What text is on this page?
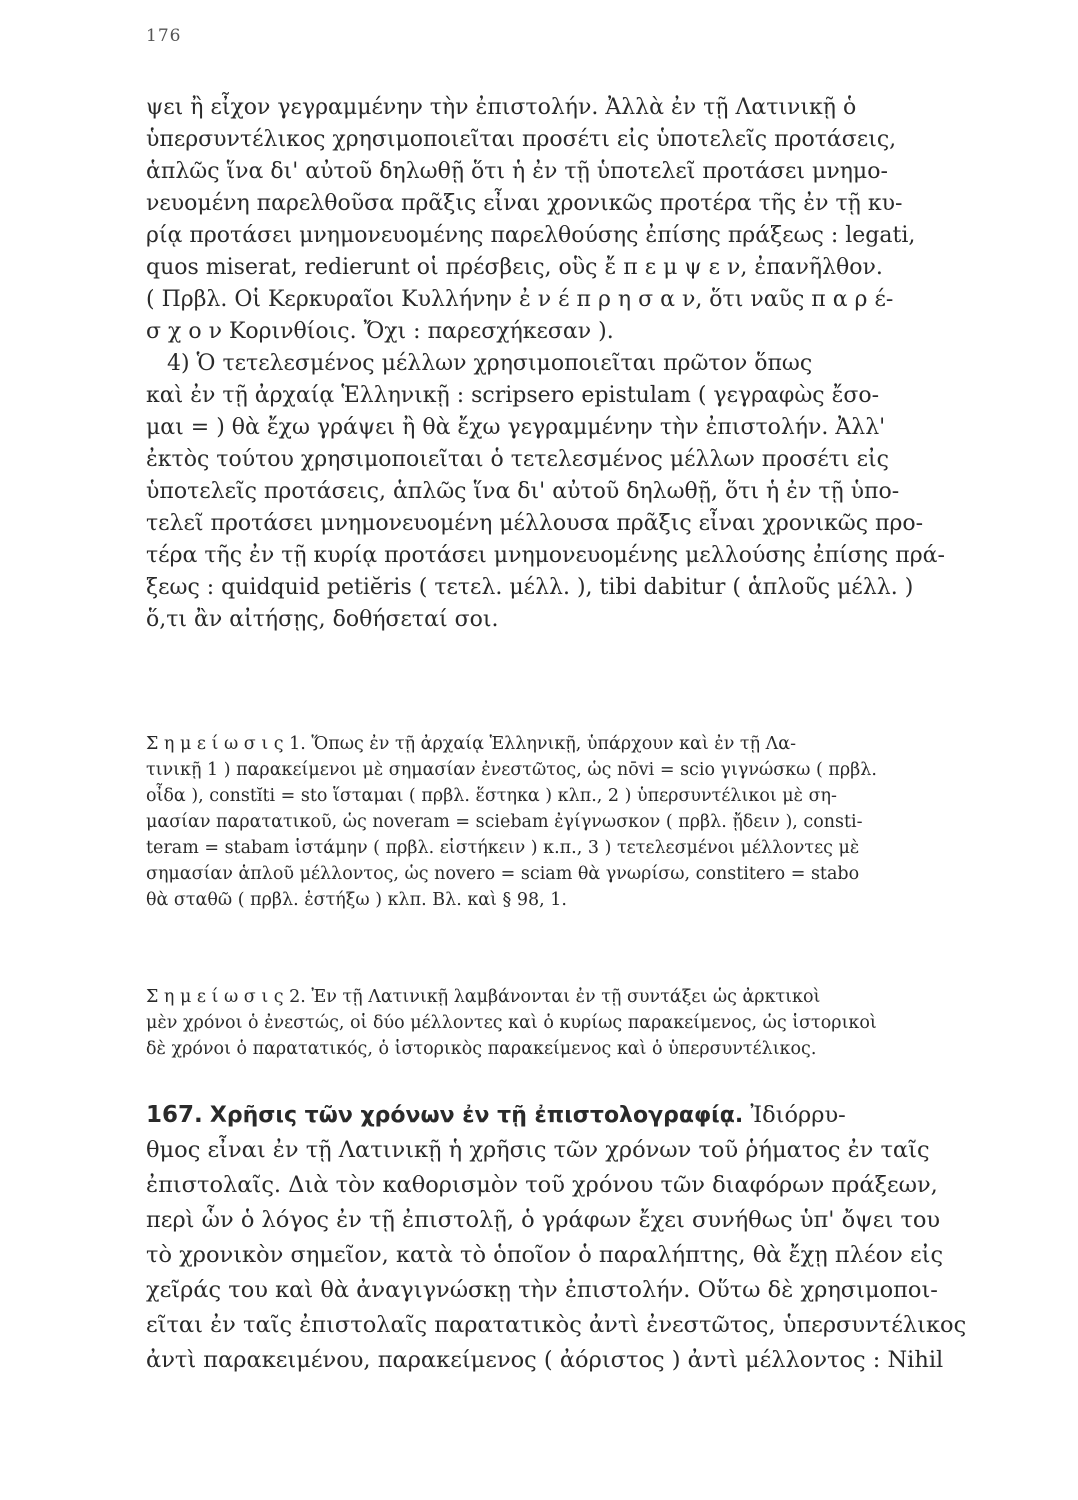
176
ψει ἢ εἶχον γεγραμμένην τὴν ἐπιστολήν. Ἀλλὰ ἐν τῇ Λατινικῇ ὁ
ὑπερσυντέλικος χρησιμοποιεῖται προσέτι εἰς ὑποτελεῖς προτάσεις,
ἁπλῶς ἵνα δι' αὐτοῦ δηλωθῇ ὅτι ἡ ἐν τῇ ὑποτελεῖ προτάσει μνημο-
νευομένη παρελθοῦσα πρᾶξις εἶναι χρονικῶς προτέρα τῆς ἐν τῇ κυ-
ρίᾳ προτάσει μνημονευομένης παρελθούσης ἐπίσης πράξεως : legati,
quos miserat, redierunt οἱ πρέσβεις, οὓς ἔ π ε μ ψ ε ν, ἐπανῆλθον.
( Πρβλ. Οἱ Κερκυραῖοι Κυλλήνην ἐ ν έ π ρ η σ α ν, ὅτι ναῦς π α ρ έ-
σ χ ο ν Κορινθίοις. Ὄχι : παρεσχήκεσαν ).
4) Ὁ τετελεσμένος μέλλων χρησιμοποιεῖται πρῶτον ὅπως
καὶ ἐν τῇ ἀρχαίᾳ Ἑλληνικῇ : scripsero epistulam ( γεγραφὼς ἔσο-
μαι = ) θὰ ἔχω γράψει ἢ θὰ ἔχω γεγραμμένην τὴν ἐπιστολήν. Ἀλλ'
ἐκτὸς τούτου χρησιμοποιεῖται ὁ τετελεσμένος μέλλων προσέτι εἰς
ὑποτελεῖς προτάσεις, ἁπλῶς ἵνα δι' αὐτοῦ δηλωθῇ, ὅτι ἡ ἐν τῇ ὑπο-
τελεῖ προτάσει μνημονευομένη μέλλουσα πρᾶξις εἶναι χρονικῶς προ-
τέρα τῆς ἐν τῇ κυρίᾳ προτάσει μνημονευομένης μελλούσης ἐπίσης πρά-
ξεως : quidquid petiĕris ( τετελ. μέλλ. ), tibi dabitur ( ἁπλοῦς μέλλ. )
ὅ,τι ἂν αἰτήσῃς, δοθήσεταί σοι.
Σ η μ ε ί ω σ ι ς 1. Ὅπως ἐν τῇ ἀρχαίᾳ Ἑλληνικῇ, ὑπάρχουν καὶ ἐν τῇ Λα-
τινικῇ 1 ) παρακείμενοι μὲ σημασίαν ἐνεστῶτος, ὡς nōvi = scio γιγνώσκω ( πρβλ.
οἶδα ), constĭti = sto ἵσταμαι ( πρβλ. ἕστηκα ) κλπ., 2 ) ὑπερσυντέλικοι μὲ ση-
μασίαν παρατατικοῦ, ὡς noveram = sciebam ἐγίγνωσκον ( πρβλ. ᾔδειν ), consti-
teram = stabam ἱστάμην ( πρβλ. εἱστήκειν ) κ.π., 3 ) τετελεσμένοι μέλλοντες μὲ
σημασίαν ἁπλοῦ μέλλοντος, ὡς novero = sciam θὰ γνωρίσω, constitero = stabo
θὰ σταθῶ ( πρβλ. ἑστήξω ) κλπ. Βλ. καὶ § 98, 1.
Σ η μ ε ί ω σ ι ς 2. Ἐν τῇ Λατινικῇ λαμβάνονται ἐν τῇ συντάξει ὡς ἀρκτικοὶ
μὲν χρόνοι ὁ ἐνεστώς, οἱ δύο μέλλοντες καὶ ὁ κυρίως παρακείμενος, ὡς ἱστορικοὶ
δὲ χρόνοι ὁ παρατατικός, ὁ ἱστορικὸς παρακείμενος καὶ ὁ ὑπερσυντέλικος.
167. Χρῆσις τῶν χρόνων ἐν τῇ ἐπιστολογραφίᾳ. Ἰδιόρρυ-
θμος εἶναι ἐν τῇ Λατινικῇ ἡ χρῆσις τῶν χρόνων τοῦ ῥήματος ἐν ταῖς
ἐπιστολαῖς. Διὰ τὸν καθορισμὸν τοῦ χρόνου τῶν διαφόρων πράξεων,
περὶ ὧν ὁ λόγος ἐν τῇ ἐπιστολῇ, ὁ γράφων ἔχει συνήθως ὑπ' ὄψει του
τὸ χρονικὸν σημεῖον, κατὰ τὸ ὁποῖον ὁ παραλήπτης, θὰ ἔχῃ πλέον εἰς
χεῖράς του καὶ θὰ ἀναγιγνώσκῃ τὴν ἐπιστολήν. Οὕτω δὲ χρησιμοποι-
εῖται ἐν ταῖς ἐπιστολαῖς παρατατικὸς ἀντὶ ἐνεστῶτος, ὑπερσυντέλικος
ἀντὶ παρακειμένου, παρακείμενος ( ἀόριστος ) ἀντὶ μέλλοντος : Nihil
